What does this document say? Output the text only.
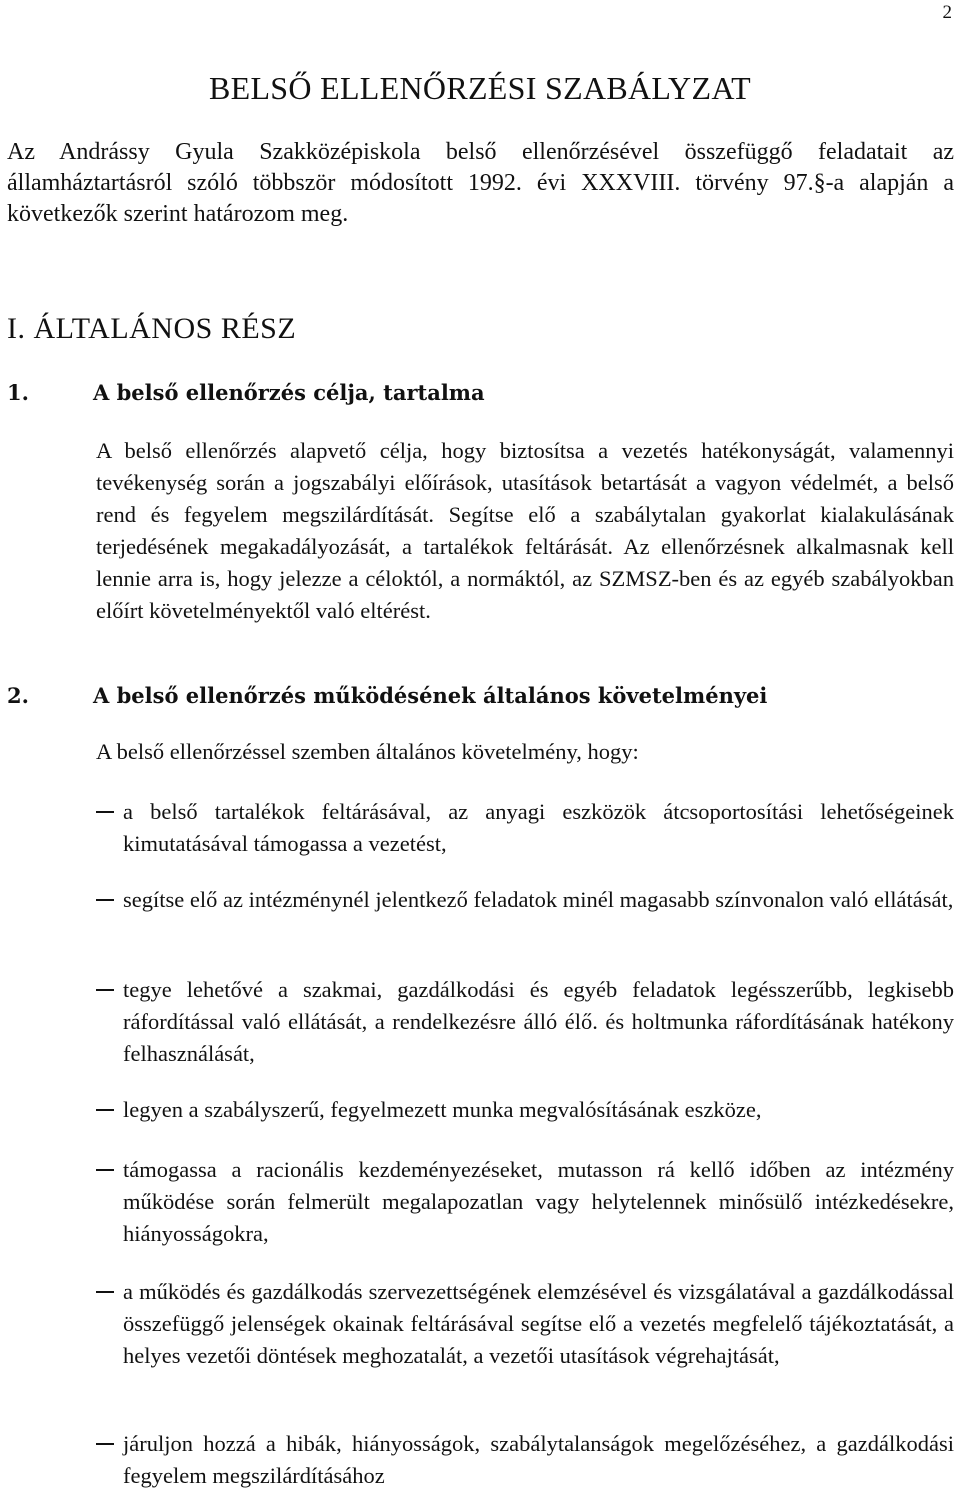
2
BELSŐ ELLENŐRZÉSI SZABÁLYZAT

Az Andrássy Gyula Szakközépiskola belső ellenőrzésével összefüggő feladatait az államháztartásról szóló többször módosított 1992. évi XXXVIII. törvény 97.§-a alapján a következők szerint határozom meg.

I. ÁLTALÁNOS RÉSZ
1.	A belső ellenőrzés célja, tartalma

A belső ellenőrzés alapvető célja, hogy biztosítsa a vezetés hatékonyságát, valamennyi tevékenység során a jogszabályi előírások, utasítások betartását a vagyon védelmét, a belső rend és fegyelem megszilárdítását. Segítse elő a szabálytalan gyakorlat kialakulásának terjedésének megakadályozását, a tartalékok feltárását. Az ellenőrzésnek alkalmasnak kell lennie arra is, hogy jelezze a céloktól, a normáktól, az SZMSZ-ben és az egyéb szabályokban előírt követelményektől való eltérést.

2.	A belső ellenőrzés működésének általános követelményei

A belső ellenőrzéssel szemben általános követelmény, hogy:

a belső tartalékok feltárásával, az anyagi eszközök átcsoportosítási lehetőségeinek kimutatásával támogassa a vezetést,
segítse elő az intézménynél jelentkező feladatok minél magasabb színvonalon való ellátását,
tegye lehetővé a szakmai, gazdálkodási és egyéb feladatok legésszerűbb, legkisebb ráfordítással való ellátását, a rendelkezésre álló élő. és holtmunka ráfordításának hatékony felhasználását,
legyen a szabályszerű, fegyelmezett munka megvalósításának eszköze,
támogassa a racionális kezdeményezéseket, mutasson rá kellő időben az intézmény működése során felmerült megalapozatlan vagy helytelennek minősülő intézkedésekre, hiányosságokra,
a működés és gazdálkodás szervezettségének elemzésével és vizsgálatával a gazdálkodással összefüggő jelenségek okainak feltárásával segítse elő a vezetés megfelelő tájékoztatását, a helyes vezetői döntések meghozatalát, a vezetői utasítások végrehajtását,
járuljon hozzá a hibák, hiányosságok, szabálytalanságok megelőzéséhez, a gazdálkodási fegyelem megszilárdításához
